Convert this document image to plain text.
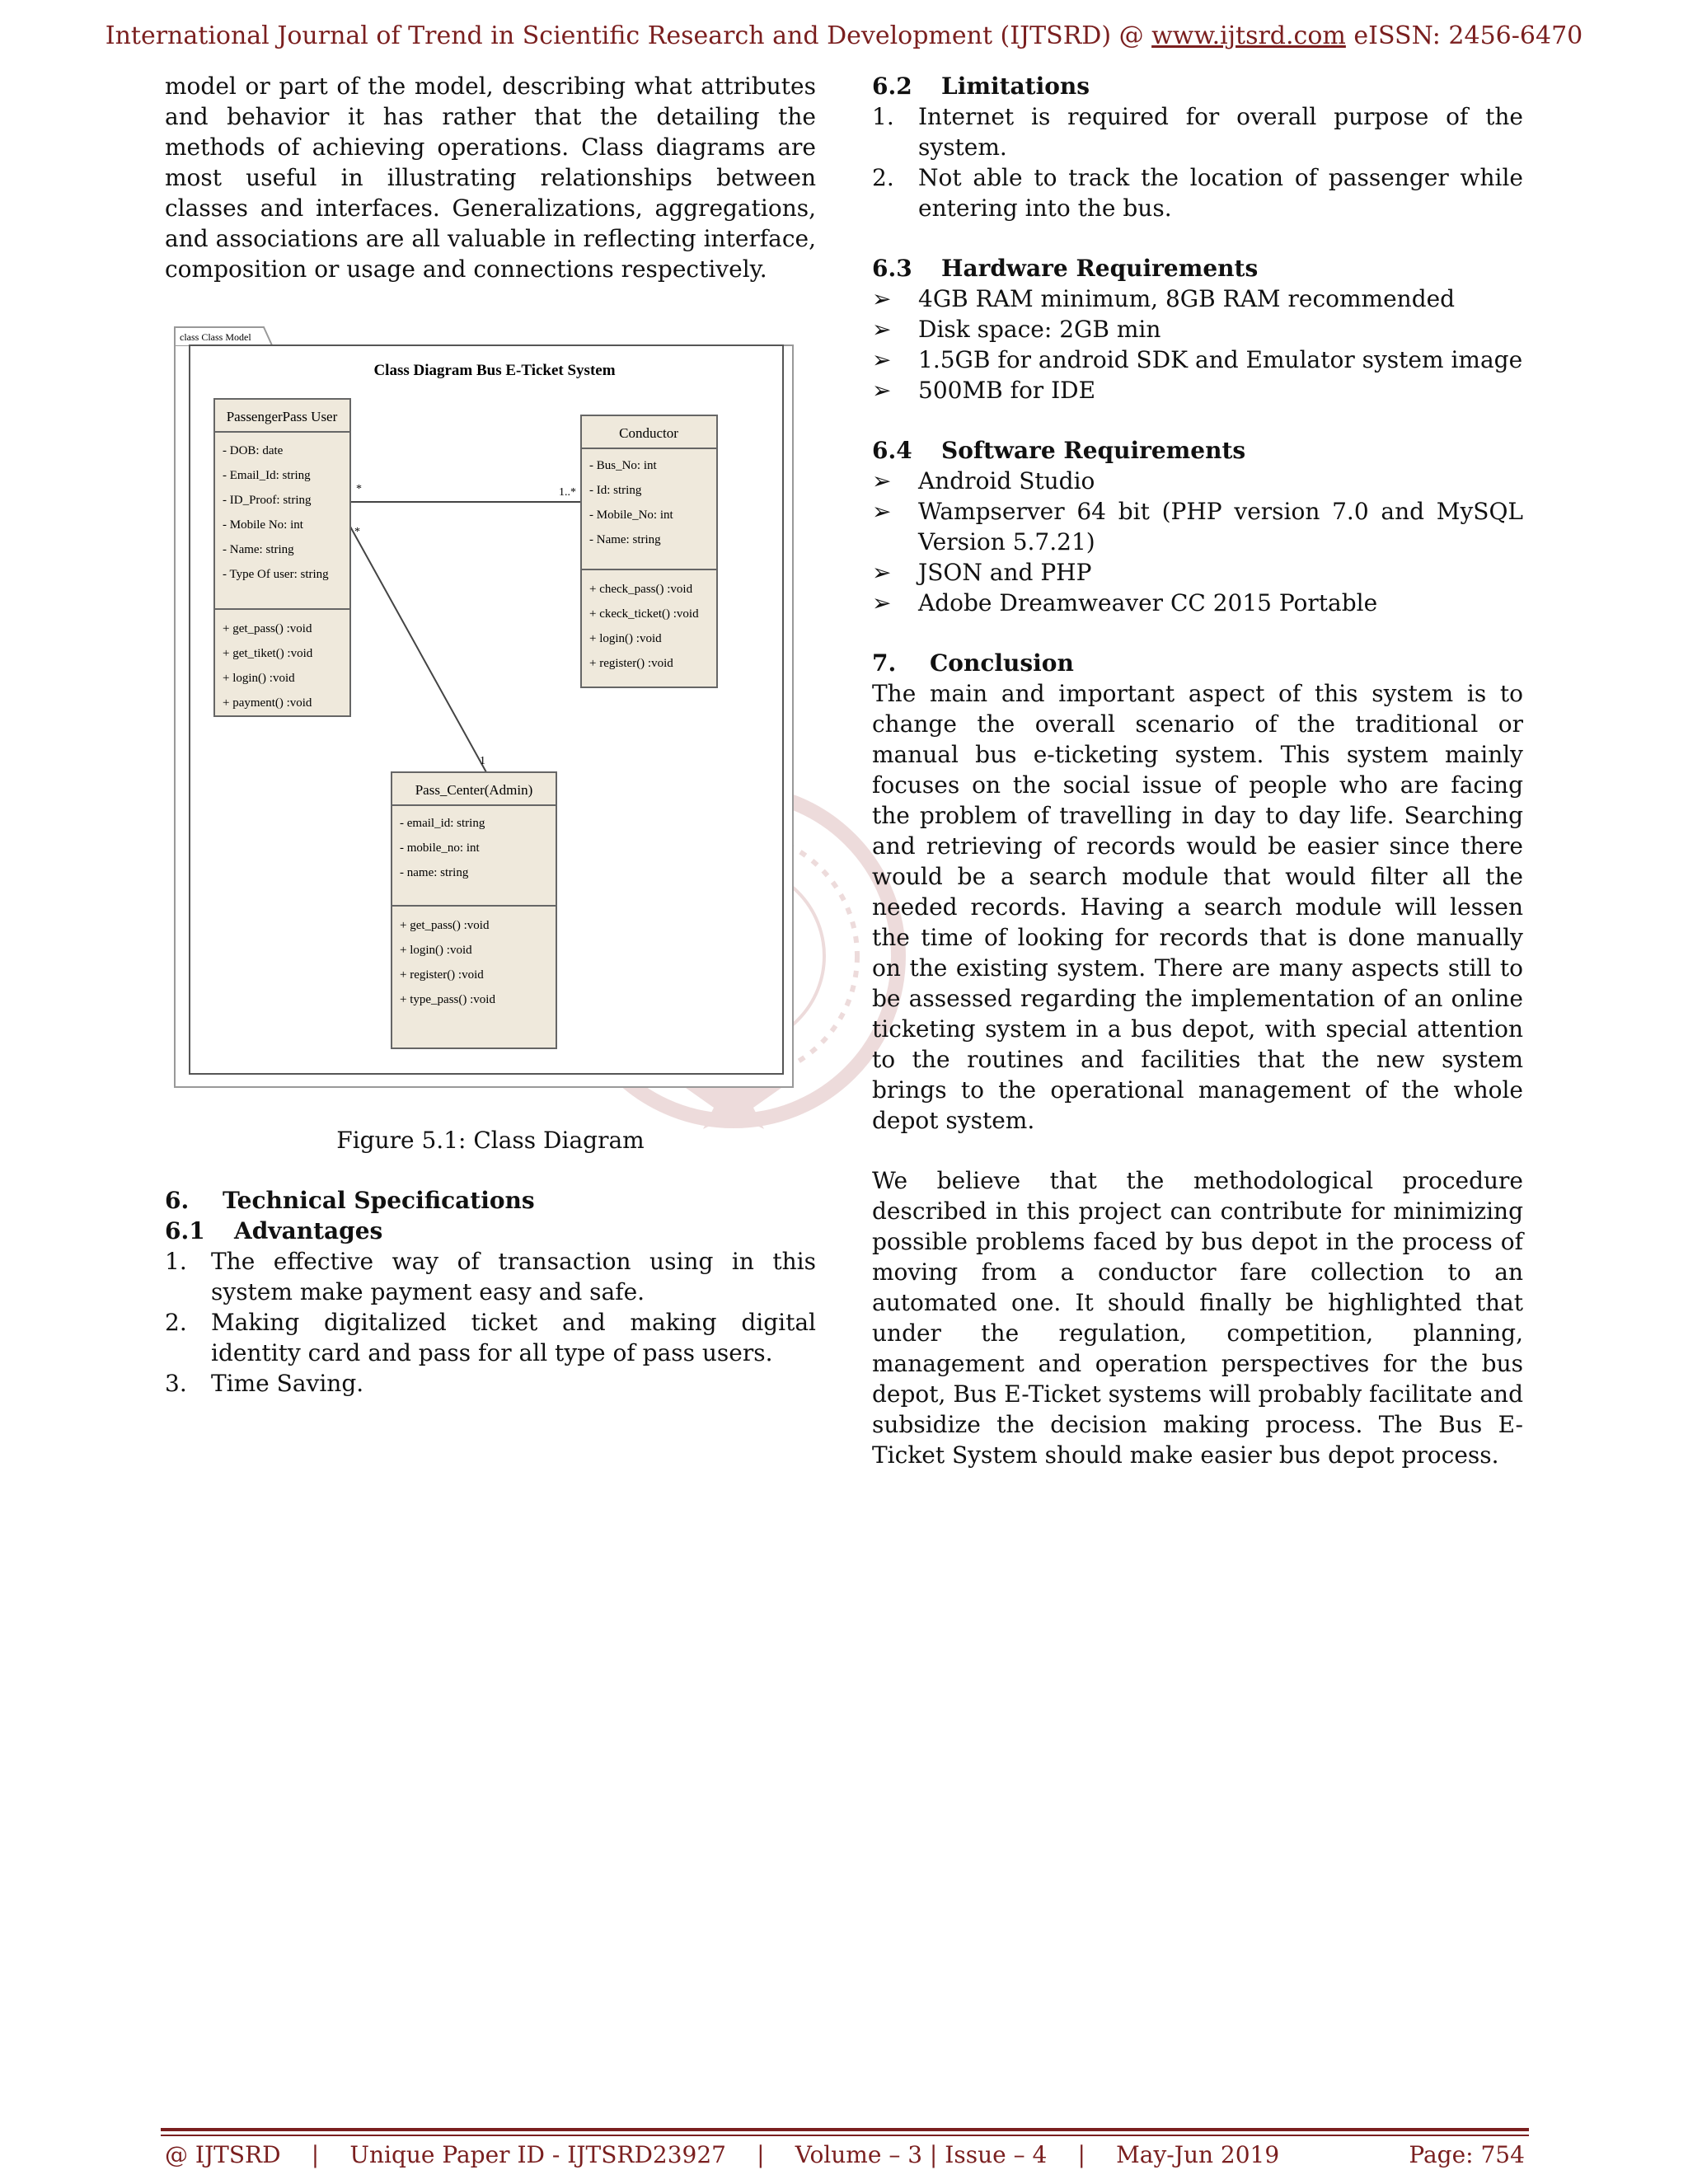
International Journal of Trend in Scientific Research and Development (IJTSRD) @ www.ijtsrd.com eISSN: 2456-6470

model or part of the model, describing what attributes and behavior it has rather that the detailing the methods of achieving operations. Class diagrams are most useful in illustrating relationships between classes and interfaces. Generalizations, aggregations, and associations are all valuable in reflecting interface, composition or usage and connections respectively.

class Class Model
Class Diagram Bus E-Ticket System
*	1..*
*
1
PassengerPass User
- DOB: date
- Email_Id: string
- ID_Proof: string
- Mobile No: int
- Name: string
- Type Of user: string
+ get_pass() :void
+ get_tiket() :void
+ login() :void
+ payment() :void
Conductor
- Bus_No: int
- Id: string
- Mobile_No: int
- Name: string
+ check_pass() :void
+ ckeck_ticket() :void
+ login() :void
+ register() :void
Pass_Center(Admin)
- email_id: string
- mobile_no: int
- name: string
+ get_pass() :void
+ login() :void
+ register() :void
+ type_pass() :void
Figure 5.1: Class Diagram
6. Technical Specifications
6.1 Advantages
1. The effective way of transaction using in this system make payment easy and safe.
2. Making digitalized ticket and making digital identity card and pass for all type of pass users.
3. Time Saving.
6.2 Limitations
1. Internet is required for overall purpose of the system.
2. Not able to track the location of passenger while entering into the bus.
6.3 Hardware Requirements
➢ 4GB RAM minimum, 8GB RAM recommended
➢ Disk space: 2GB min
➢ 1.5GB for android SDK and Emulator system image
➢ 500MB for IDE
6.4 Software Requirements
➢ Android Studio
➢ Wampserver 64 bit (PHP version 7.0 and MySQL Version 5.7.21)
➢ JSON and PHP
➢ Adobe Dreamweaver CC 2015 Portable
7. Conclusion

The main and important aspect of this system is to change the overall scenario of the traditional or manual bus e-ticketing system. This system mainly focuses on the social issue of people who are facing the problem of travelling in day to day life. Searching and retrieving of records would be easier since there would be a search module that would filter all the needed records. Having a search module will lessen the time of looking for records that is done manually on the existing system. There are many aspects still to be assessed regarding the implementation of an online ticketing system in a bus depot, with special attention to the routines and facilities that the new system brings to the operational management of the whole depot system.

We believe that the methodological procedure described in this project can contribute for minimizing possible problems faced by bus depot in the process of moving from a conductor fare collection to an automated one. It should finally be highlighted that under the regulation, competition, planning, management and operation perspectives for the bus depot, Bus E-Ticket systems will probably facilitate and subsidize the decision making process. The Bus E-Ticket System should make easier bus depot process.

@ IJTSRD | Unique Paper ID - IJTSRD23927 | Volume – 3 | Issue – 4 | May-Jun 2019	Page: 754
